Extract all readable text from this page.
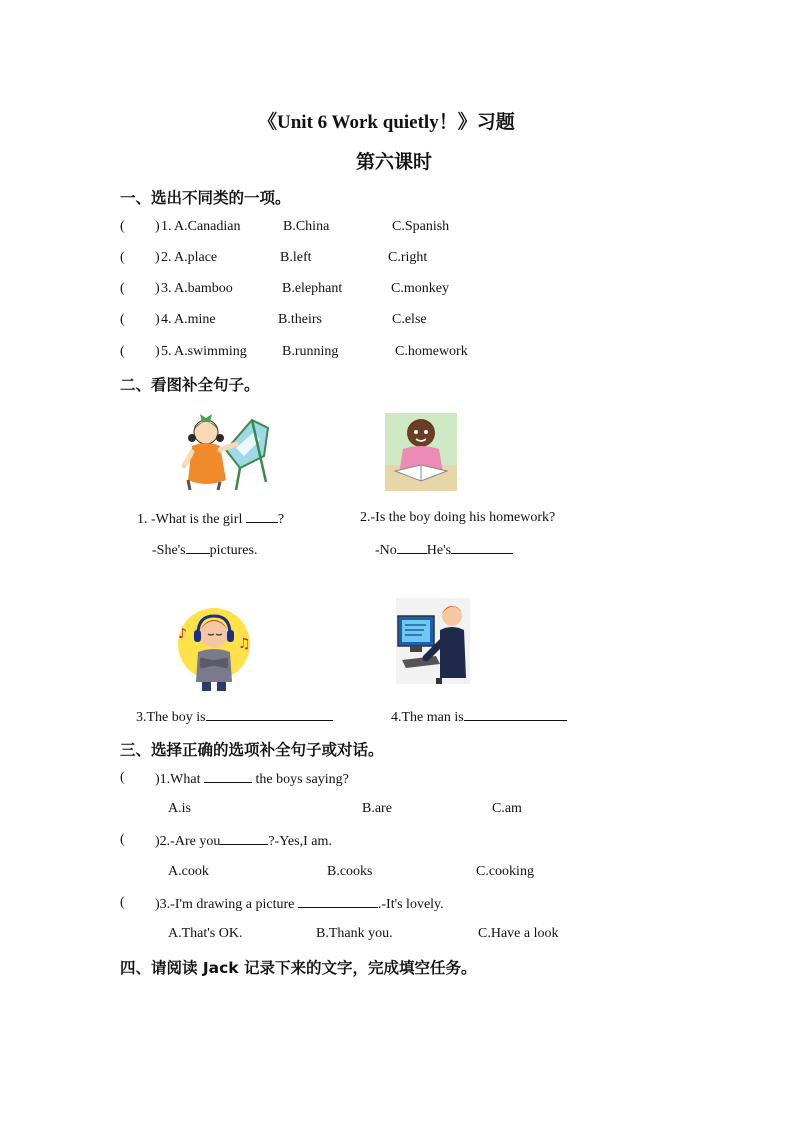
《Unit 6 Work quietly！》习题
第六课时
一、选出不同类的一项。
( ) 1. A.Canadian	B.China	C.Spanish
( ) 2. A.place	B.left	C.right
( ) 3. A.bamboo	B.elephant	C.monkey
( ) 4. A.mine	B.theirs	C.else
( ) 5. A.swimming	B.running	C.homework
二、看图补全句子。
1. -What is the girl	?
-She's pictures.
2.-Is the boy doing his homework?
-No He's
♪
♫
3.The boy is	4.The man is
三、选择正确的选项补全句子或对话。
( )1.What	the boys saying?
A.is	B.are	C.am
( )2.-Are you	?-Yes,I am.
A.cook	B.cooks	C.cooking
( )3.-I'm drawing a picture	.-It's lovely.
A.That's OK.	B.Thank you.	C.Have a look
四、请阅读 Jack 记录下来的文字，完成填空任务。
